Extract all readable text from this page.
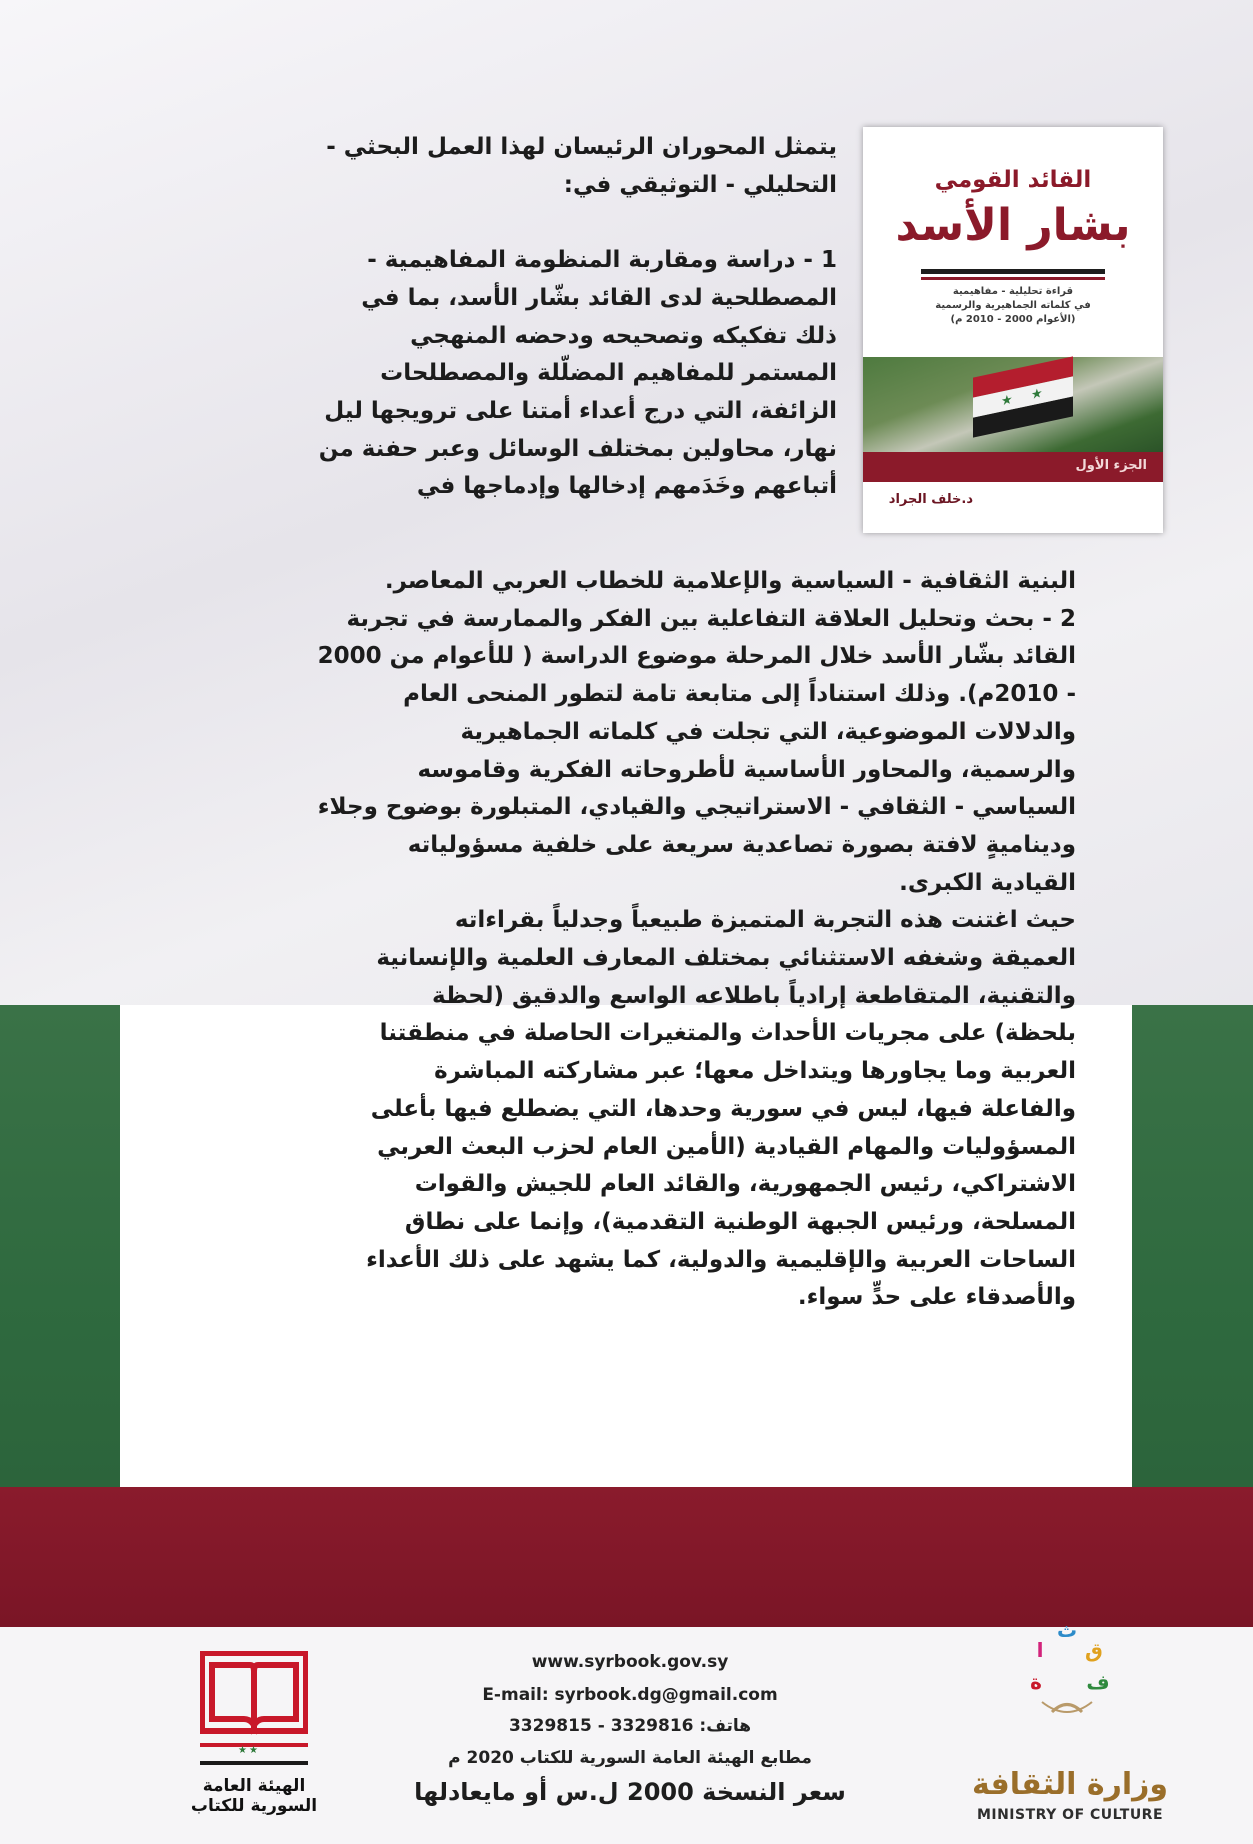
القائد القومي
بشار الأسد
قراءة تحليلية - مفاهيمية
في كلماته الجماهيرية والرسمية
(الأعوام 2000 - 2010 م)
★ ★
الجزء الأول
د.خلف الجراد
يتمثل المحوران الرئيسان لهذا العمل البحثي -
التحليلي - التوثيقي في:

1 - دراسة ومقاربة المنظومة المفاهيمية -
المصطلحية لدى القائد بشّار الأسد، بما في
ذلك تفكيكه وتصحيحه ودحضه المنهجي
المستمر للمفاهيم المضلّلة والمصطلحات
الزائفة، التي درج أعداء أمتنا على ترويجها ليل
نهار، محاولين بمختلف الوسائل وعبر حفنة من
أتباعهم وخَدَمهم إدخالها وإدماجها في
البنية الثقافية - السياسية والإعلامية للخطاب العربي المعاصر.
2 - بحث وتحليل العلاقة التفاعلية بين الفكر والممارسة في تجربة
القائد بشّار الأسد خلال المرحلة موضوع الدراسة ( للأعوام من 2000
- 2010م). وذلك استناداً إلى متابعة تامة لتطور المنحى العام
والدلالات الموضوعية، التي تجلت في كلماته الجماهيرية
والرسمية، والمحاور الأساسية لأطروحاته الفكرية وقاموسه
السياسي - الثقافي - الاستراتيجي والقيادي، المتبلورة بوضوح وجلاء
وديناميةٍ لافتة بصورة تصاعدية سريعة على خلفية مسؤولياته
القيادية الكبرى.
حيث اغتنت هذه التجربة المتميزة طبيعياً وجدلياً بقراءاته
العميقة وشغفه الاستثنائي بمختلف المعارف العلمية والإنسانية
والتقنية، المتقاطعة إرادياً باطلاعه الواسع والدقيق (لحظة
بلحظة) على مجريات الأحداث والمتغيرات الحاصلة في منطقتنا
العربية وما يجاورها ويتداخل معها؛ عبر مشاركته المباشرة
والفاعلة فيها، ليس في سورية وحدها، التي يضطلع فيها بأعلى
المسؤوليات والمهام القيادية (الأمين العام لحزب البعث العربي
الاشتراكي، رئيس الجمهورية، والقائد العام للجيش والقوات
المسلحة، ورئيس الجبهة الوطنية التقدمية)، وإنما على نطاق
الساحات العربية والإقليمية والدولية، كما يشهد على ذلك الأعداء
والأصدقاء على حدٍّ سواء.
★★
الهيئة العامة
السورية للكتاب
www.syrbook.gov.sy
E-mail: syrbook.dg@gmail.com
هاتف: 3329816 - 3329815
مطابع الهيئة العامة السورية للكتاب 2020 م
سعر النسخة 2000 ل.س أو مايعادلها
ث
ق
ا
ف
ة
وزارة الثقافة
MINISTRY OF CULTURE
